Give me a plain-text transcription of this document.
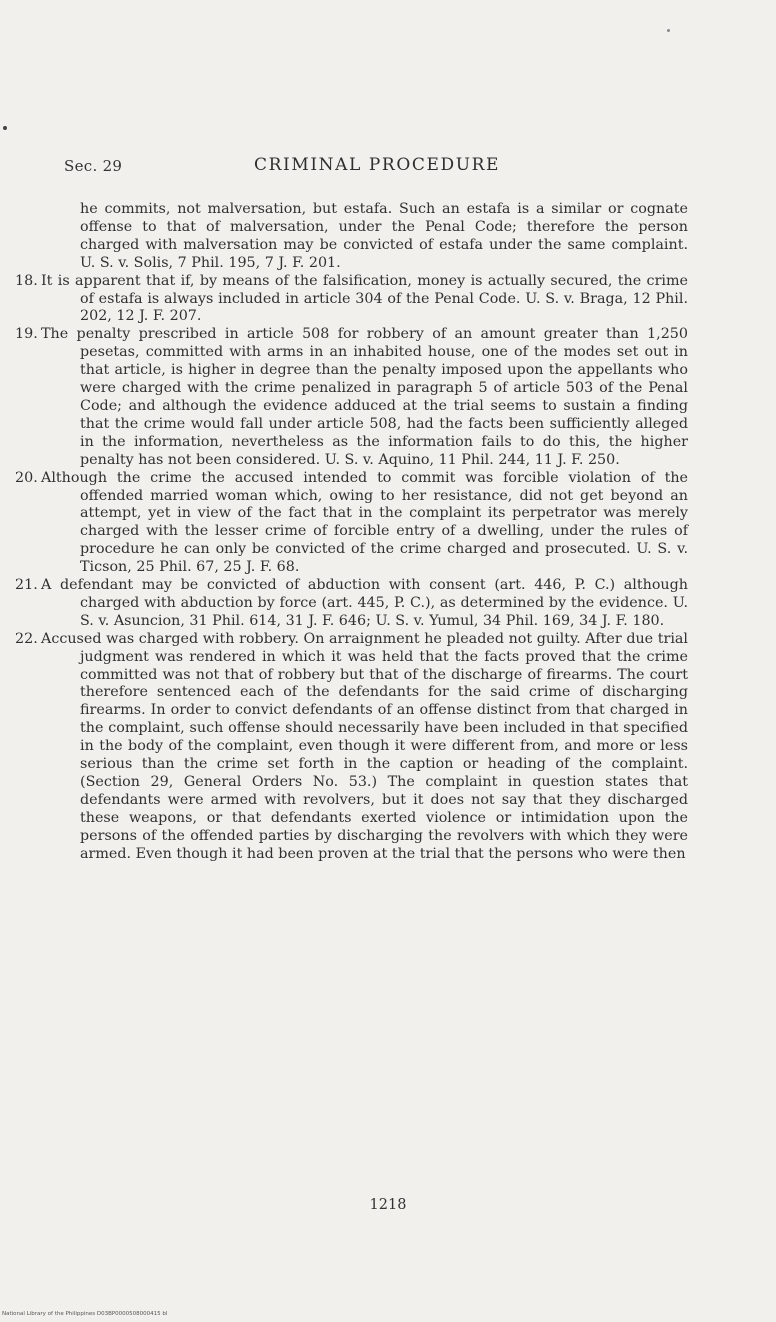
Sec. 29	CRIMINAL PROCEDURE

he commits, not malversation, but estafa. Such an estafa is a similar or cognate offense to that of malversation, under the Penal Code; therefore the person charged with malversation may be convicted of estafa under the same complaint. U. S. v. Solis, 7 Phil. 195, 7 J. F. 201.

18. It is apparent that if, by means of the falsification, money is actually secured, the crime of estafa is always included in article 304 of the Penal Code. U. S. v. Braga, 12 Phil. 202, 12 J. F. 207.

19. The penalty prescribed in article 508 for robbery of an amount greater than 1,250 pesetas, committed with arms in an inhabited house, one of the modes set out in that article, is higher in degree than the penalty imposed upon the appellants who were charged with the crime penalized in paragraph 5 of article 503 of the Penal Code; and although the evidence adduced at the trial seems to sustain a finding that the crime would fall under article 508, had the facts been sufficiently alleged in the information, nevertheless as the information fails to do this, the higher penalty has not been considered. U. S. v. Aquino, 11 Phil. 244, 11 J. F. 250.

20. Although the crime the accused intended to commit was forcible violation of the offended married woman which, owing to her resistance, did not get beyond an attempt, yet in view of the fact that in the complaint its perpetrator was merely charged with the lesser crime of forcible entry of a dwelling, under the rules of procedure he can only be convicted of the crime charged and prosecuted. U. S. v. Ticson, 25 Phil. 67, 25 J. F. 68.

21. A defendant may be convicted of abduction with consent (art. 446, P. C.) although charged with abduction by force (art. 445, P. C.), as determined by the evidence. U. S. v. Asuncion, 31 Phil. 614, 31 J. F. 646; U. S. v. Yumul, 34 Phil. 169, 34 J. F. 180.

22. Accused was charged with robbery. On arraignment he pleaded not guilty. After due trial judgment was rendered in which it was held that the facts proved that the crime committed was not that of robbery but that of the discharge of firearms. The court therefore sentenced each of the defendants for the said crime of discharging firearms. In order to convict defendants of an offense distinct from that charged in the complaint, such offense should necessarily have been included in that specified in the body of the complaint, even though it were different from, and more or less serious than the crime set forth in the caption or heading of the complaint. (Section 29, General Orders No. 53.) The complaint in question states that defendants were armed with revolvers, but it does not say that they discharged these weapons, or that defendants exerted violence or intimidation upon the persons of the offended parties by discharging the revolvers with which they were armed. Even though it had been proven at the trial that the persons who were then

1218
National Library of the Philippines D03BP0000508000415 bl
